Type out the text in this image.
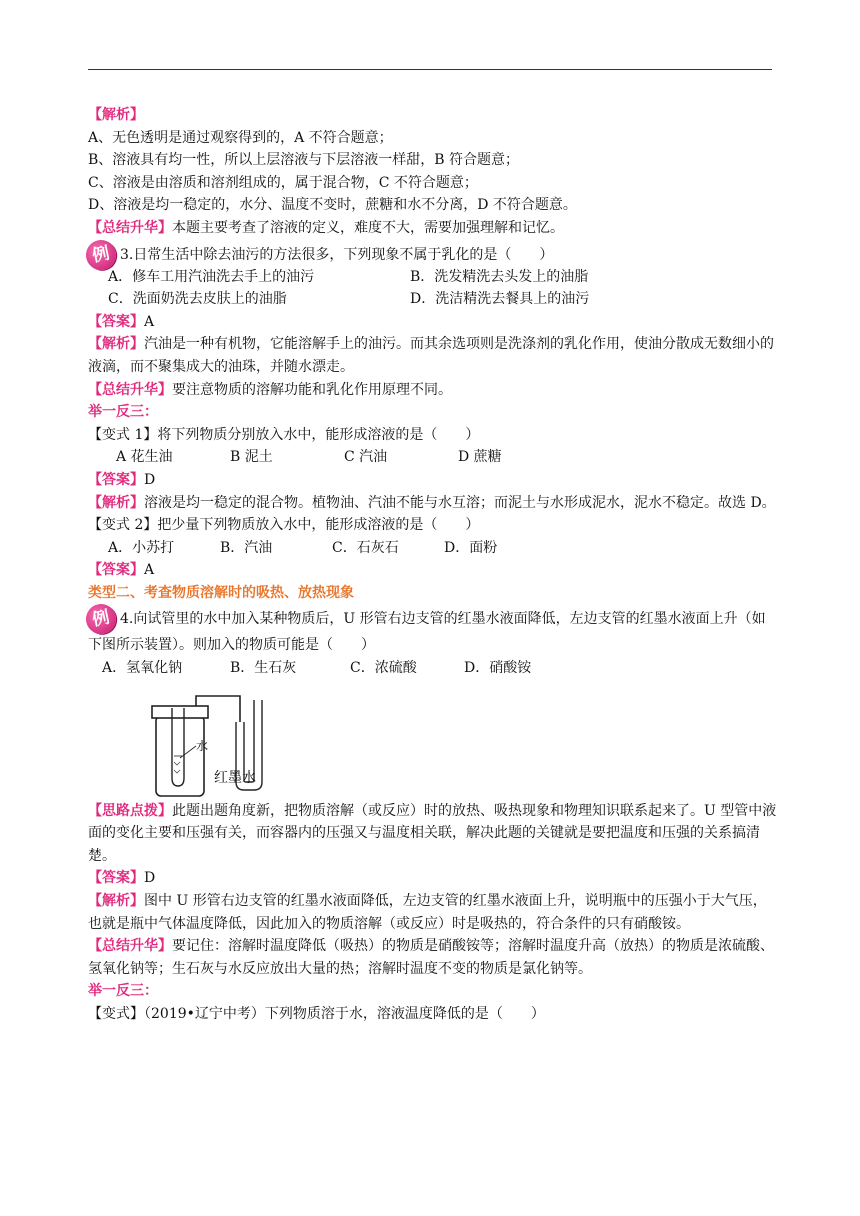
【解析】
A、无色透明是通过观察得到的，A 不符合题意；
B、溶液具有均一性，所以上层溶液与下层溶液一样甜，B 符合题意；
C、溶液是由溶质和溶剂组成的，属于混合物，C 不符合题意；
D、溶液是均一稳定的，水分、温度不变时，蔗糖和水不分离，D 不符合题意。
【总结升华】本题主要考查了溶液的定义，难度不大，需要加强理解和记忆。
例 3.日常生活中除去油污的方法很多，下列现象不属于乳化的是（　　）
A．修车工用汽油洗去手上的油污	B．洗发精洗去头发上的油脂
C．洗面奶洗去皮肤上的油脂	D．洗洁精洗去餐具上的油污
【答案】A
【解析】汽油是一种有机物，它能溶解手上的油污。而其余选项则是洗涤剂的乳化作用，使油分散成无数细小的液滴，而不聚集成大的油珠，并随水漂走。
【总结升华】要注意物质的溶解功能和乳化作用原理不同。
举一反三：
【变式 1】将下列物质分别放入水中，能形成溶液的是（　　）
A 花生油	B 泥土	C 汽油	D 蔗糖
【答案】D
【解析】溶液是均一稳定的混合物。植物油、汽油不能与水互溶；而泥土与水形成泥水，泥水不稳定。故选 D。
【变式 2】把少量下列物质放入水中，能形成溶液的是（　　）
A．小苏打	B．汽油	C．石灰石	D．面粉
【答案】A
类型二、考查物质溶解时的吸热、放热现象
例 4.向试管里的水中加入某种物质后，U 形管右边支管的红墨水液面降低，左边支管的红墨水液面上升（如下图所示装置）。则加入的物质可能是（　　）
A．氢氧化钠	B．生石灰	C．浓硫酸	D．硝酸铵
水
红墨水
【思路点拨】此题出题角度新，把物质溶解（或反应）时的放热、吸热现象和物理知识联系起来了。U 型管中液面的变化主要和压强有关，而容器内的压强又与温度相关联，解决此题的关键就是要把温度和压强的关系搞清楚。
【答案】D
【解析】图中 U 形管右边支管的红墨水液面降低，左边支管的红墨水液面上升，说明瓶中的压强小于大气压，也就是瓶中气体温度降低，因此加入的物质溶解（或反应）时是吸热的，符合条件的只有硝酸铵。
【总结升华】要记住：溶解时温度降低（吸热）的物质是硝酸铵等；溶解时温度升高（放热）的物质是浓硫酸、氢氧化钠等；生石灰与水反应放出大量的热；溶解时温度不变的物质是氯化钠等。
举一反三：
【变式】（2019•辽宁中考）下列物质溶于水，溶液温度降低的是（　　）
